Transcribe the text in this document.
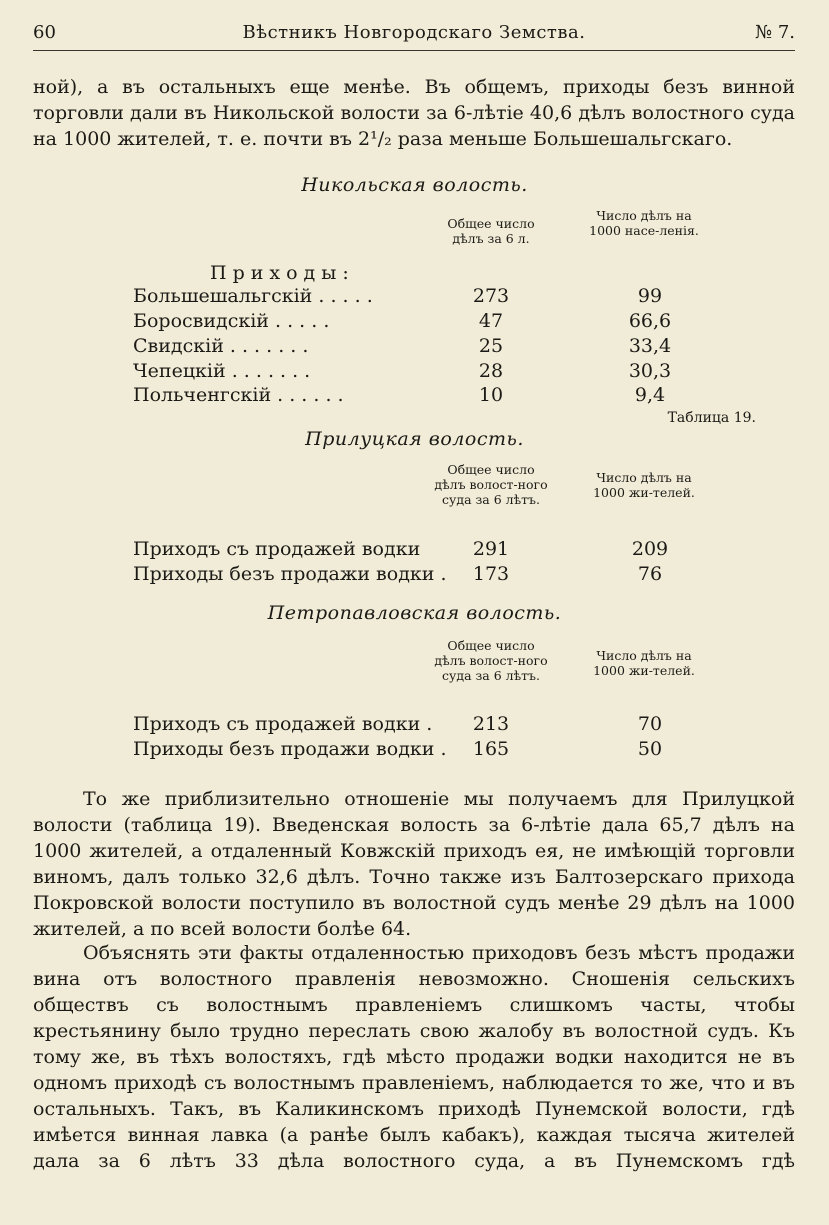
60	Вѣстникъ Новгородскаго Земства.	№ 7.

ной), а въ остальныхъ еще менѣе. Въ общемъ, приходы безъ винной торговли дали въ Никольской волости за 6-лѣтіе 40,6 дѣлъ волостного суда на 1000 жителей, т. е. почти въ 2¹/₂ раза меньше Большешальгскаго.

Никольская волость.
Общее число дѣлъ за 6 л.
Число дѣлъ на 1000 насе-ленія.
Приходы:
Большешальгскій . . . . .	273	99
Боросвидскій . . . . .	47	66,6
Свидскій . . . . . . .	25	33,4
Чепецкій . . . . . . .	28	30,3
Польченгскій . . . . . .	10	9,4
Таблица 19.
Прилуцкая волость.
Общее число дѣлъ волост-ного суда за 6 лѣтъ.
Число дѣлъ на 1000 жи-телей.
Приходъ съ продажей водки	291	209
Приходы безъ продажи водки .	173	76
Петропавловская волость.
Общее число дѣлъ волост-ного суда за 6 лѣтъ.
Число дѣлъ на 1000 жи-телей.
Приходъ съ продажей водки .	213	70
Приходы безъ продажи водки .	165	50

То же приблизительно отношеніе мы получаемъ для Прилуцкой волости (таблица 19). Введенская волость за 6-лѣтіе дала 65,7 дѣлъ на 1000 жителей, а отдаленный Ковжскій приходъ ея, не имѣющій торговли виномъ, далъ только 32,6 дѣлъ. Точно также изъ Балтозерскаго прихода Покровской волости поступило въ волостной судъ менѣе 29 дѣлъ на 1000 жителей, а по всей волости болѣе 64.

Объяснять эти факты отдаленностью приходовъ безъ мѣстъ продажи вина отъ волостного правленія невозможно. Сношенія сельскихъ обществъ съ волостнымъ правленіемъ слишкомъ часты, чтобы крестьянину было трудно переслать свою жалобу въ волостной судъ. Къ тому же, въ тѣхъ волостяхъ, гдѣ мѣсто продажи водки находится не въ одномъ приходѣ съ волостнымъ правленіемъ, наблюдается то же, что и въ остальныхъ. Такъ, въ Каликинскомъ приходѣ Пунемской волости, гдѣ имѣется винная лавка (а ранѣе былъ кабакъ), каждая тысяча жителей дала за 6 лѣтъ 33 дѣла волостного суда, а въ Пунемскомъ гдѣ
